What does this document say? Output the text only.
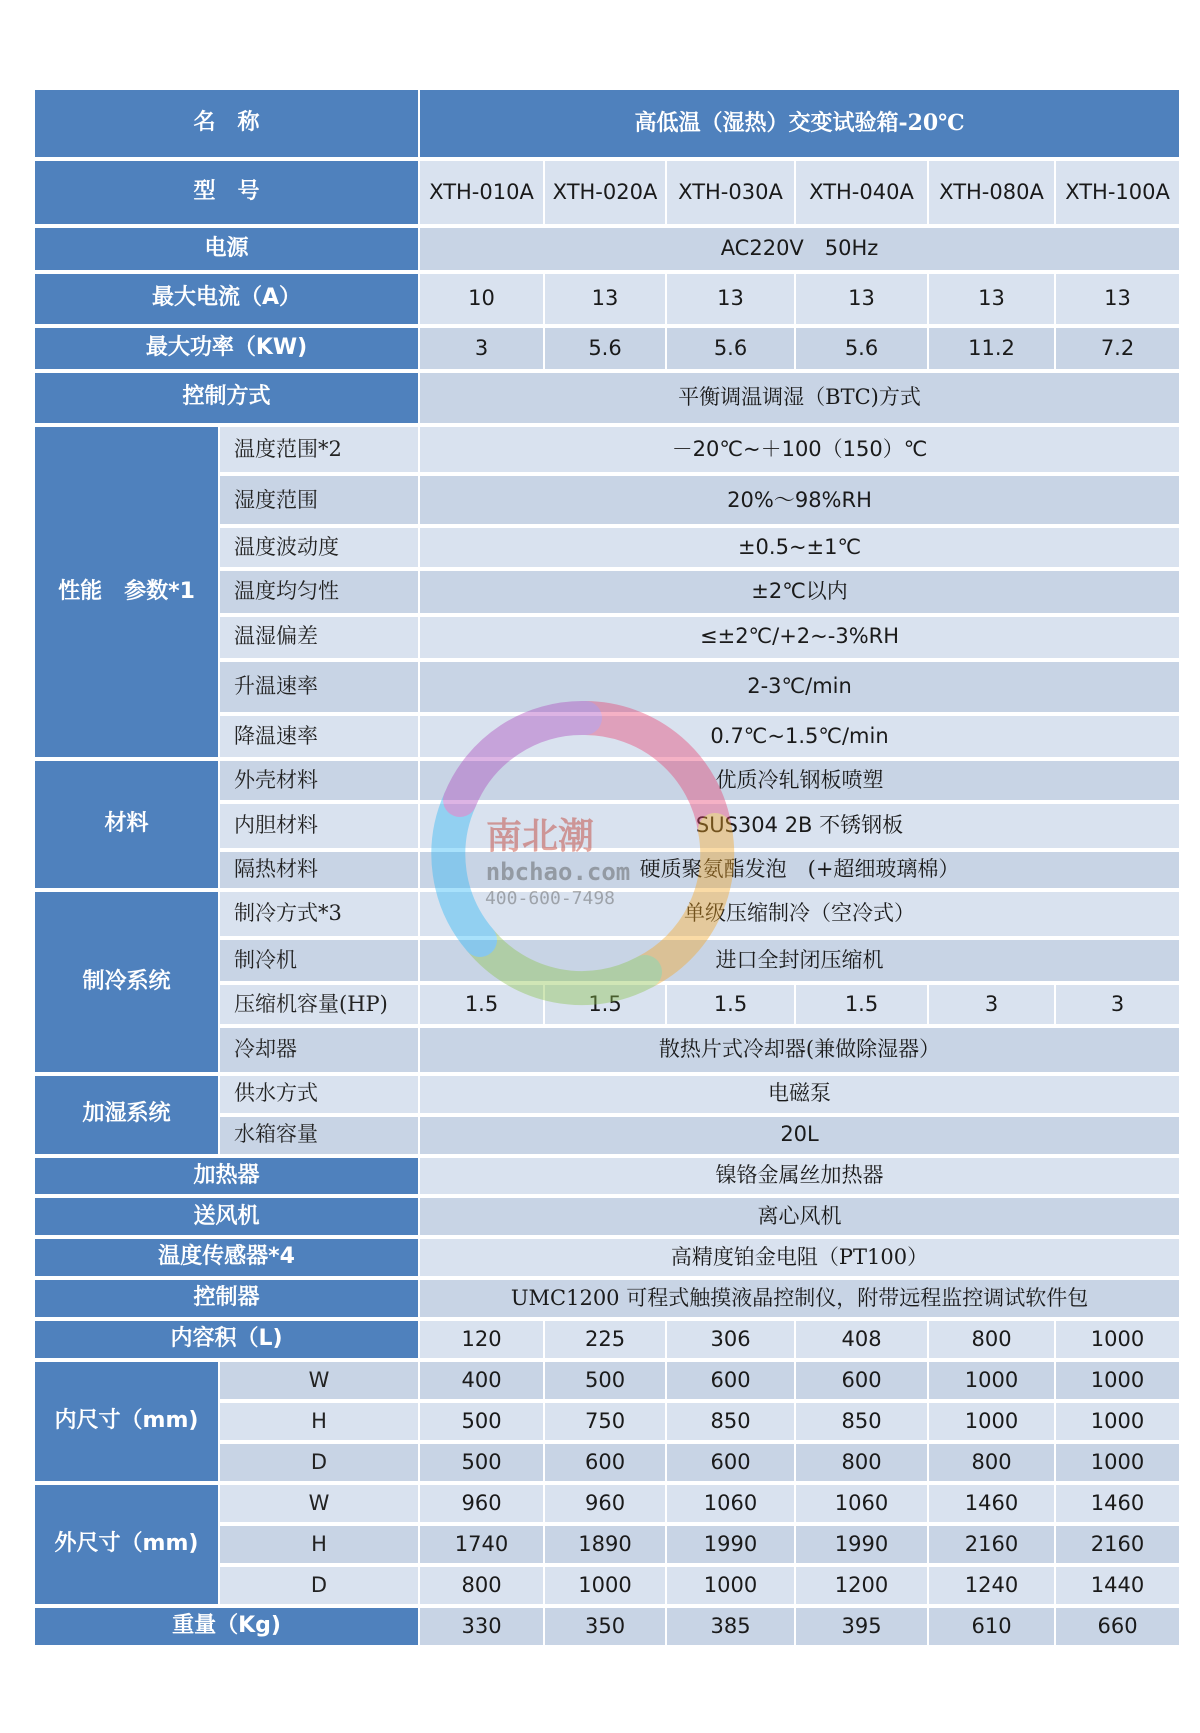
名　称		高低温（湿热）交变试验箱-20℃					
型　号		XTH-010A	XTH-020A	XTH-030A	XTH-040A	XTH-080A	XTH-100A
电源		AC220V　50Hz					
最大电流（A）		10	13	13	13	13	13
最大功率（KW)		3	5.6	5.6	5.6	11.2	7.2
控制方式		平衡调温调湿（BTC)方式					
性能　参数*1	温度范围*2	－20℃~＋100（150）℃					
	湿度范围	20%～98%RH					
	温度波动度	±0.5~±1℃					
	温度均匀性	±2℃以内					
	温湿偏差	≤±2℃/+2~-3%RH					
	升温速率	2-3℃/min					
	降温速率	0.7℃~1.5℃/min					
材料	外壳材料	优质冷轧钢板喷塑					
	内胆材料	SUS304 2B 不锈钢板					
	隔热材料	硬质聚氨酯发泡　(+超细玻璃棉）					
制冷系统	制冷方式*3	单级压缩制冷（空冷式）					
	制冷机	进口全封闭压缩机					
	压缩机容量(HP)	1.5	1.5	1.5	1.5	3	3
	冷却器	散热片式冷却器(兼做除湿器）					
加湿系统	供水方式	电磁泵					
	水箱容量	20L					
加热器		镍铬金属丝加热器					
送风机		离心风机					
温度传感器*4		高精度铂金电阻（PT100）					
控制器		UMC1200 可程式触摸液晶控制仪，附带远程监控调试软件包					
内容积（L)		120	225	306	408	800	1000
内尺寸（mm)	W	400	500	600	600	1000	1000
	H	500	750	850	850	1000	1000
	D	500	600	600	800	800	1000
外尺寸（mm)	W	960	960	1060	1060	1460	1460
	H	1740	1890	1990	1990	2160	2160
	D	800	1000	1000	1200	1240	1440
重量（Kg)		330	350	385	395	610	660
南北潮
nbchao.com
400-600-7498
